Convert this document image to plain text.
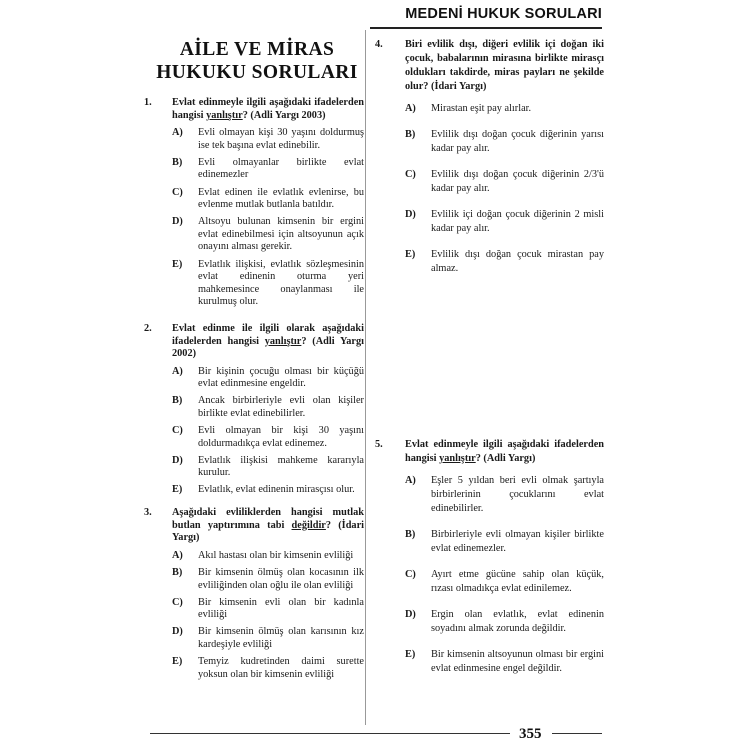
MEDENİ HUKUK SORULARI
AİLE VE MİRAS
HUKUKU SORULARI
1.	Evlat edinmeyle ilgili aşağıdaki ifadelerden hangisi yanlıştır? (Adli Yargı 2003)
A)	Evli olmayan kişi 30 yaşını doldurmuş ise tek başına evlat edinebilir.
B)	Evli olmayanlar birlikte evlat edinemezler
C)	Evlat edinen ile evlatlık evlenirse, bu evlenme mutlak butlanla batıldır.
D)	Altsoyu bulunan kimsenin bir ergini evlat edinebilmesi için altsoyunun açık onayını alması gerekir.
E)	Evlatlık ilişkisi, evlatlık sözleşmesinin evlat edinenin oturma yeri mahkemesince onaylanması ile kurulmuş olur.
2.	Evlat edinme ile ilgili olarak aşağıdaki ifadelerden hangisi yanlıştır? (Adli Yargı 2002)
A)	Bir kişinin çocuğu olması bir küçüğü evlat edinmesine engeldir.
B)	Ancak birbirleriyle evli olan kişiler birlikte evlat edinebilirler.
C)	Evli olmayan bir kişi 30 yaşını doldurmadıkça evlat edinemez.
D)	Evlatlık ilişkisi mahkeme kararıyla kurulur.
E)	Evlatlık, evlat edinenin mirasçısı olur.
3.	Aşağıdaki evliliklerden hangisi mutlak butlan yaptırımına tabi değildir? (İdari Yargı)
A)	Akıl hastası olan bir kimsenin evliliği
B)	Bir kimsenin ölmüş olan kocasının ilk evliliğinden olan oğlu ile olan evliliği
C)	Bir kimsenin evli olan bir kadınla evliliği
D)	Bir kimsenin ölmüş olan karısının kız kardeşiyle evliliği
E)	Temyiz kudretinden daimi surette yoksun olan bir kimsenin evliliği
4.	Biri evlilik dışı, diğeri evlilik içi doğan iki çocuk, babalarının mirasına birlikte mirasçı oldukları takdirde, miras payları ne şekilde olur? (İdari Yargı)
A)	Mirastan eşit pay alırlar.
B)	Evlilik dışı doğan çocuk diğerinin yarısı kadar pay alır.
C)	Evlilik dışı doğan çocuk diğerinin 2/3'ü kadar pay alır.
D)	Evlilik içi doğan çocuk diğerinin 2 misli kadar pay alır.
E)	Evlilik dışı doğan çocuk mirastan pay almaz.
5.	Evlat edinmeyle ilgili aşağıdaki ifadelerden hangisi yanlıştır? (Adli Yargı)
A)	Eşler 5 yıldan beri evli olmak şartıyla birbirlerinin çocuklarını evlat edinebilirler.
B)	Birbirleriyle evli olmayan kişiler birlikte evlat edinemezler.
C)	Ayırt etme gücüne sahip olan küçük, rızası olmadıkça evlat edinilemez.
D)	Ergin olan evlatlık, evlat edinenin soyadını almak zorunda değildir.
E)	Bir kimsenin altsoyunun olması bir ergini evlat edinmesine engel değildir.
355
